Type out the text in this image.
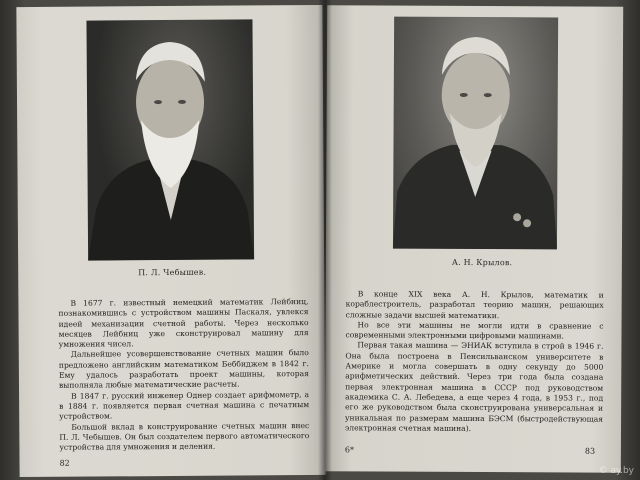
П. Л. Чебышев.

В 1677 г. известный немецкий математик Лейбниц, познакомившись с устройством машины Паскаля, увлекся идеей механизации счетной работы. Через несколько месяцев Лейбниц уже сконструировал машину для умножения чисел.

Дальнейшее усовершенствование счетных машин было предложено английским математиком Беббиджем в 1842 г. Ему удалось разработать проект машины, которая выполняла любые математические расчеты.

В 1847 г. русский инженер Однер создает арифмометр, а в 1884 г. появляется первая счетная машина с печатным устройством.

Большой вклад в конструирование счетных машин внес П. Л. Чебышев. Он был создателем первого автоматического устройства для умножения и деления.

82
А. Н. Крылов.

В конце XIX века А. Н. Крылов, математик и кораблестроитель, разработал теорию машин, решающих сложные задачи высшей математики.

Но все эти машины не могли идти в сравнение с современными электронными цифровыми машинами.

Первая такая машина — ЭНИАК вступила в строй в 1946 г. Она была построена в Пенсильванском университете в Америке и могла совершать в одну секунду до 5000 арифметических действий. Через три года была создана первая электронная машина в СССР под руководством академика С. А. Лебедева, а еще через 4 года, в 1953 г., под его же руководством была сконструирована универсальная и уникальная по размерам машина БЭСМ (быстродействующая электронная счетная машина).

6*	83
© ay.by
